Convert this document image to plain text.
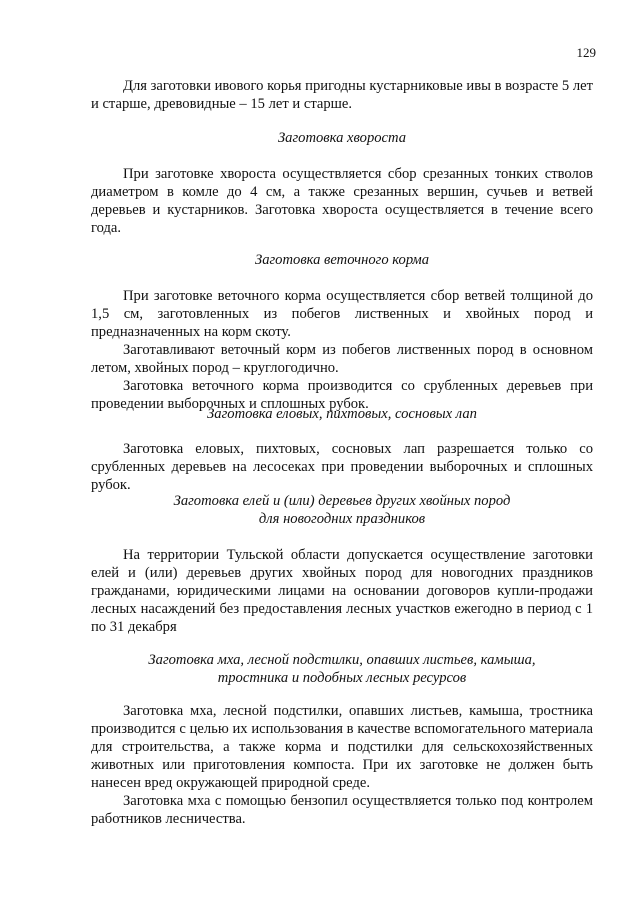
129

Для заготовки ивового корья пригодны кустарниковые ивы в возрасте 5 лет и старше, древовидные – 15 лет и старше.

Заготовка хвороста

При заготовке хвороста осуществляется сбор срезанных тонких стволов диаметром в комле до 4 см, а также срезанных вершин, сучьев и ветвей деревьев и кустарников. Заготовка хвороста осуществляется в течение всего года.

Заготовка веточного корма

При заготовке веточного корма осуществляется сбор ветвей толщиной до 1,5 см, заготовленных из побегов лиственных и хвойных пород и предназначенных на корм скоту.

Заготавливают веточный корм из побегов лиственных пород в основном летом, хвойных пород – круглогодично.

Заготовка веточного корма производится со срубленных деревьев при проведении выборочных и сплошных рубок.

Заготовка еловых, пихтовых, сосновых лап

Заготовка еловых, пихтовых, сосновых лап разрешается только со срубленных деревьев на лесосеках при проведении выборочных и сплошных рубок.

Заготовка елей и (или) деревьев других хвойных пород

для новогодних праздников

На территории Тульской области допускается осуществление заготовки елей и (или) деревьев других хвойных пород для новогодних праздников гражданами, юридическими лицами на основании договоров купли-продажи лесных насаждений без предоставления лесных участков ежегодно в период с 1 по 31 декабря

Заготовка мха, лесной подстилки, опавших листьев, камыша,

тростника и подобных лесных ресурсов

Заготовка мха, лесной подстилки, опавших листьев, камыша, тростника производится с целью их использования в качестве вспомогательного материала для строительства, а также корма и подстилки для сельскохозяйственных животных или приготовления компоста. При их заготовке не должен быть нанесен вред окружающей природной среде.

Заготовка мха с помощью бензопил осуществляется только под контролем работников лесничества.
